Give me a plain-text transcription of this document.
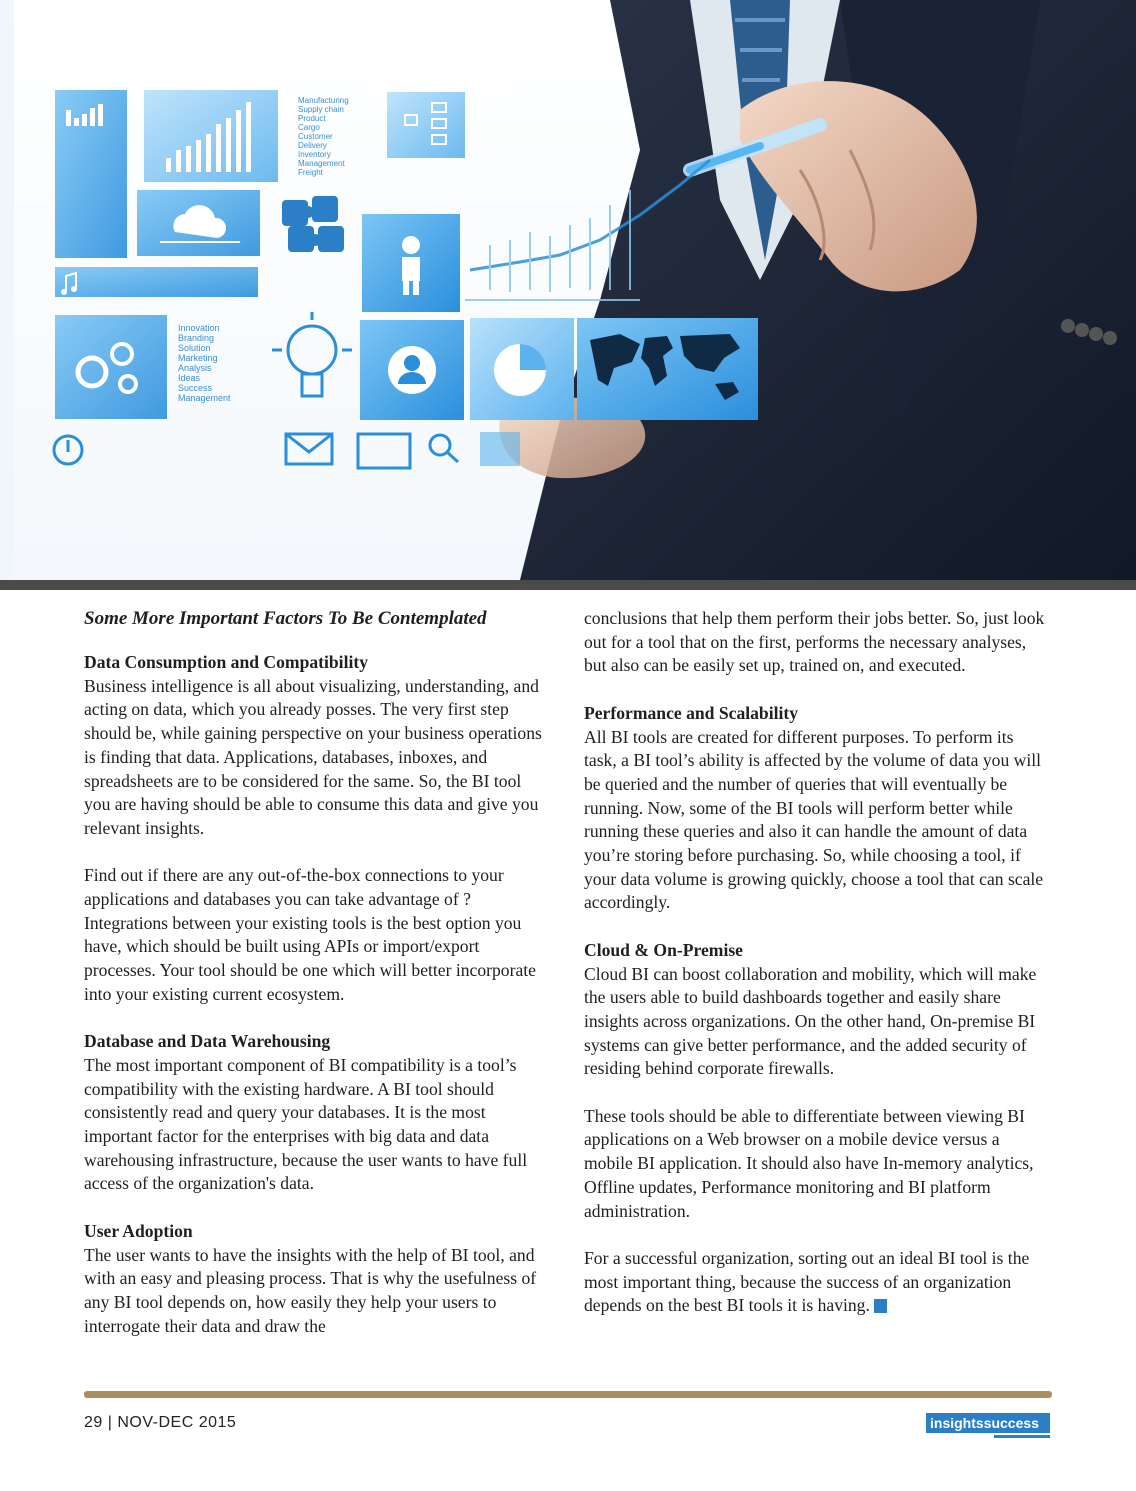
Manufacturing Supply chain Product Cargo Customer Delivery Inventory Management Freight
Innovation Branding Solution Marketing Analysis Ideas Success Management
Some More Important Factors To Be Contemplated

Data Consumption and Compatibility
Business intelligence is all about visualizing, understanding, and acting on data, which you already posses. The very first step should be, while gaining perspective on your business operations is finding that data. Applications, databases, inboxes, and spreadsheets are to be considered for the same. So, the BI tool you are having should be able to consume this data and give you relevant insights.

Find out if there are any out-of-the-box connections to your applications and databases you can take advantage of ? Integrations between your existing tools is the best option you have, which should be built using APIs or import/export processes. Your tool should be one which will better incorporate into your existing current ecosystem.

Database and Data Warehousing
The most important component of BI compatibility is a tool’s compatibility with the existing hardware. A BI tool should consistently read and query your databases. It is the most important factor for the enterprises with big data and data warehousing infrastructure, because the user wants to have full access of the organization's data.

User Adoption
The user wants to have the insights with the help of BI tool, and with an easy and pleasing process. That is why the usefulness of any BI tool depends on, how easily they help your users to interrogate their data and draw the

conclusions that help them perform their jobs better. So, just look out for a tool that on the first, performs the necessary analyses, but also can be easily set up, trained on, and executed.

Performance and Scalability
All BI tools are created for different purposes. To perform its task, a BI tool’s ability is affected by the volume of data you will be queried and the number of queries that will eventually be running. Now, some of the BI tools will perform better while running these queries and also it can handle the amount of data you’re storing before purchasing. So, while choosing a tool, if your data volume is growing quickly, choose a tool that can scale accordingly.

Cloud & On-Premise
Cloud BI can boost collaboration and mobility, which will make the users able to build dashboards together and easily share insights across organizations. On the other hand, On-premise BI systems can give better performance, and the added security of residing behind corporate firewalls.

These tools should be able to differentiate between viewing BI applications on a Web browser on a mobile device versus a mobile BI application. It should also have In-memory analytics, Offline updates, Performance monitoring and BI platform administration.

For a successful organization, sorting out an ideal BI tool is the most important thing, because the success of an organization depends on the best BI tools it is having.

29 | NOV-DEC 2015	insightssuccess
